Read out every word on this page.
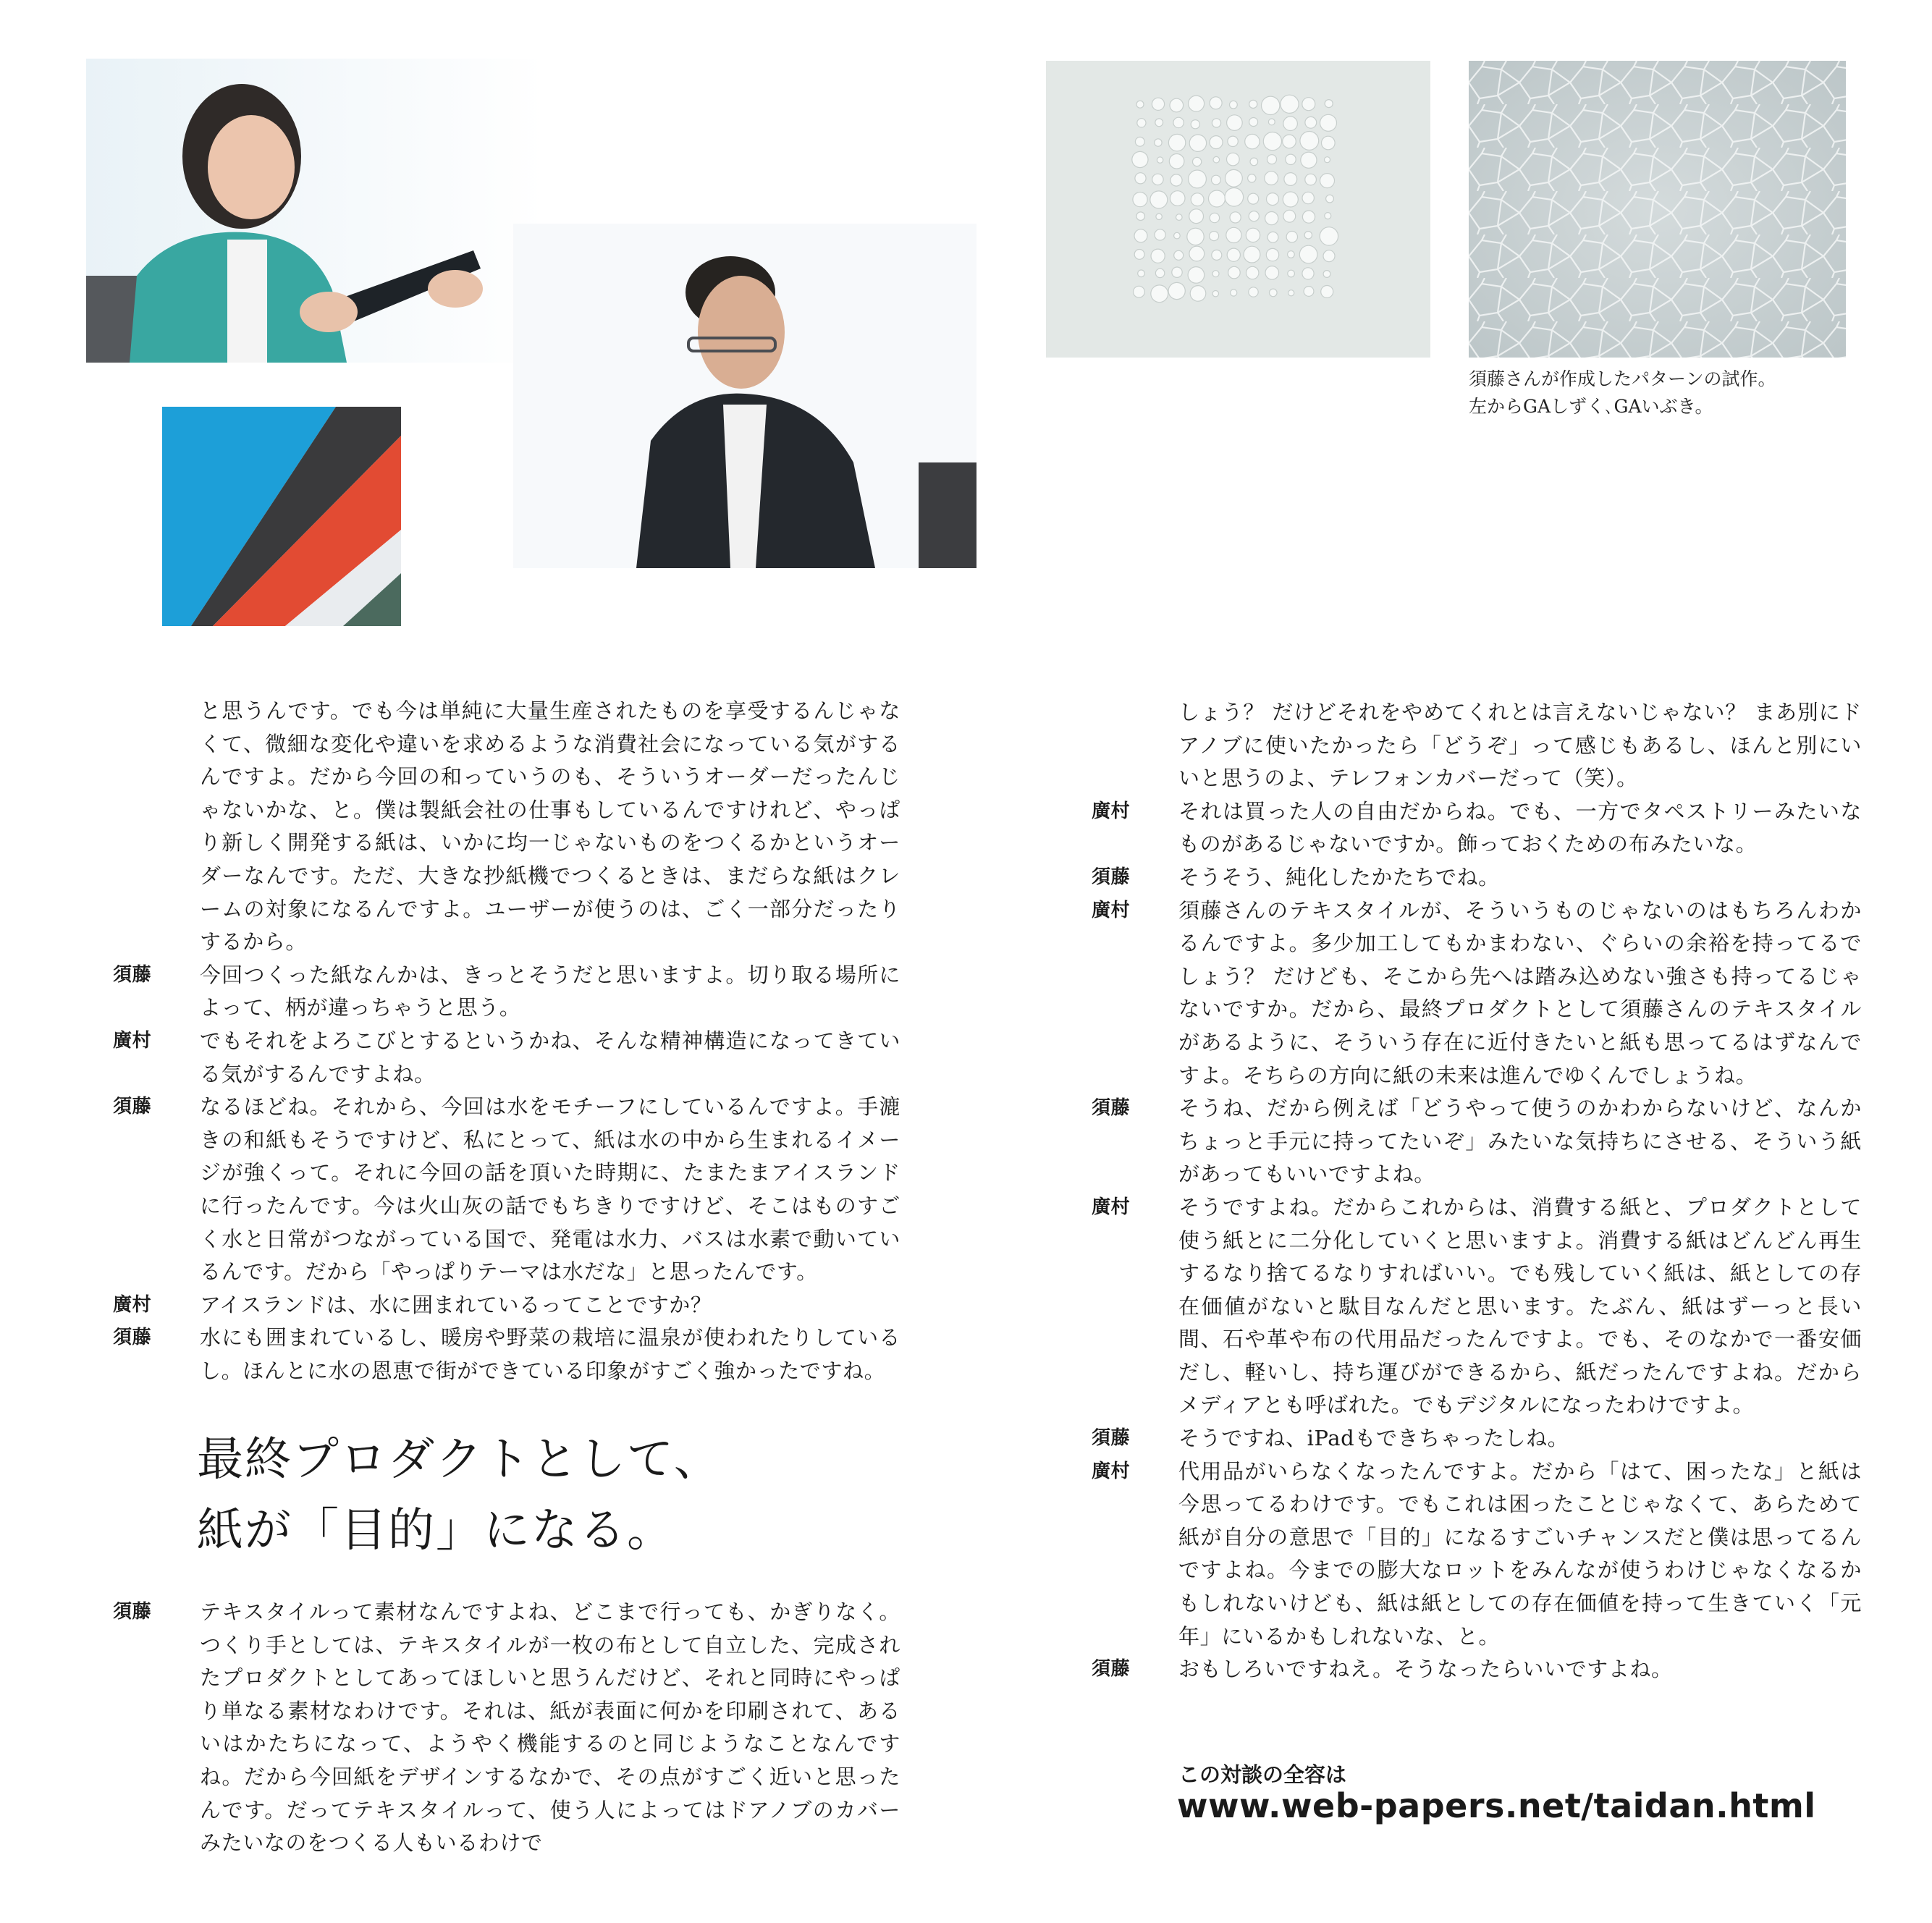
須藤さんが作成したパターンの試作。
左からGAしずく､GAいぶき。
と思うんです。でも今は単純に大量生産されたものを享受するんじゃなくて、微細な変化や違いを求めるような消費社会になっている気がするんですよ。だから今回の和っていうのも、そういうオーダーだったんじゃないかな、と。僕は製紙会社の仕事もしているんですけれど、やっぱり新しく開発する紙は、いかに均一じゃないものをつくるかというオーダーなんです。ただ、大きな抄紙機でつくるときは、まだらな紙はクレームの対象になるんですよ。ユーザーが使うのは、ごく一部分だったりするから。
須藤	今回つくった紙なんかは、きっとそうだと思いますよ。切り取る場所によって、柄が違っちゃうと思う。
廣村	でもそれをよろこびとするというかね、そんな精神構造になってきている気がするんですよね。
須藤	なるほどね。それから、今回は水をモチーフにしているんですよ。手漉きの和紙もそうですけど、私にとって、紙は水の中から生まれるイメージが強くって。それに今回の話を頂いた時期に、たまたまアイスランドに行ったんです。今は火山灰の話でもちきりですけど、そこはものすごく水と日常がつながっている国で、発電は水力、バスは水素で動いているんです。だから「やっぱりテーマは水だな」と思ったんです。
廣村	アイスランドは、水に囲まれているってことですか？
須藤	水にも囲まれているし、暖房や野菜の栽培に温泉が使われたりしているし。ほんとに水の恩恵で街ができている印象がすごく強かったですね。
最終プロダクトとして、
紙が「目的」になる。
須藤	テキスタイルって素材なんですよね、どこまで行っても、かぎりなく。つくり手としては、テキスタイルが一枚の布として自立した、完成されたプロダクトとしてあってほしいと思うんだけど、それと同時にやっぱり単なる素材なわけです。それは、紙が表面に何かを印刷されて、あるいはかたちになって、ようやく機能するのと同じようなことなんですね。だから今回紙をデザインするなかで、その点がすごく近いと思ったんです。だってテキスタイルって、使う人によってはドアノブのカバーみたいなのをつくる人もいるわけで
しょう？ だけどそれをやめてくれとは言えないじゃない？ まあ別にドアノブに使いたかったら「どうぞ」って感じもあるし、ほんと別にいいと思うのよ、テレフォンカバーだって（笑）。
廣村	それは買った人の自由だからね。でも、一方でタペストリーみたいなものがあるじゃないですか。飾っておくための布みたいな。
須藤	そうそう、純化したかたちでね。
廣村	須藤さんのテキスタイルが、そういうものじゃないのはもちろんわかるんですよ。多少加工してもかまわない、ぐらいの余裕を持ってるでしょう？ だけども、そこから先へは踏み込めない強さも持ってるじゃないですか。だから、最終プロダクトとして須藤さんのテキスタイルがあるように、そういう存在に近付きたいと紙も思ってるはずなんですよ。そちらの方向に紙の未来は進んでゆくんでしょうね。
須藤	そうね、だから例えば「どうやって使うのかわからないけど、なんかちょっと手元に持ってたいぞ」みたいな気持ちにさせる、そういう紙があってもいいですよね。
廣村	そうですよね。だからこれからは、消費する紙と、プロダクトとして使う紙とに二分化していくと思いますよ。消費する紙はどんどん再生するなり捨てるなりすればいい。でも残していく紙は、紙としての存在価値がないと駄目なんだと思います。たぶん、紙はずーっと長い間、石や革や布の代用品だったんですよ。でも、そのなかで一番安価だし、軽いし、持ち運びができるから、紙だったんですよね。だからメディアとも呼ばれた。でもデジタルになったわけですよ。
須藤	そうですね、iPadもできちゃったしね。
廣村	代用品がいらなくなったんですよ。だから「はて、困ったな」と紙は今思ってるわけです。でもこれは困ったことじゃなくて、あらためて紙が自分の意思で「目的」になるすごいチャンスだと僕は思ってるんですよね。今までの膨大なロットをみんなが使うわけじゃなくなるかもしれないけども、紙は紙としての存在価値を持って生きていく「元年」にいるかもしれないな、と。
須藤	おもしろいですねえ。そうなったらいいですよね。
この対談の全容は
www.web-papers.net/taidan.html
